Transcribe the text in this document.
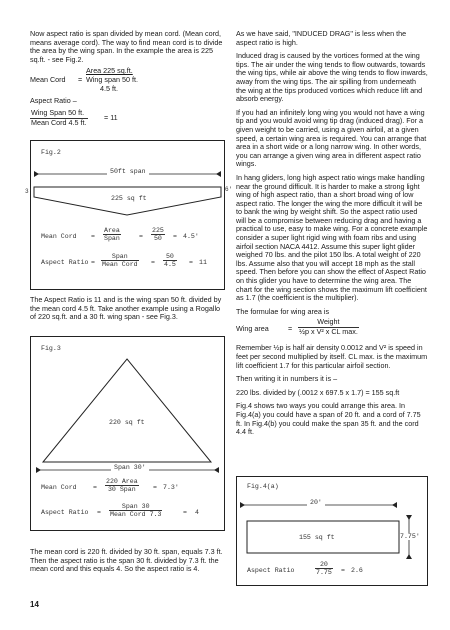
Now aspect ratio is span divided by mean cord. (Mean cord, means average cord). The way to find mean cord is to divide the area by the wing span. In the example the area is 225 sq.ft. - see Fig.2.

Area 225 sq.ft.
Mean Cord = Wing span 50 ft.
4.5 ft.
Aspect Ratio –
Wing Span 50 ft.
Mean Cord 4.5 ft.
= 11
Fig.2
50ft span
225 sq ft
3'
Mean Cord =
Area
Span	= $\frac{225}{50} = 4.5'$
Aspect Ratio =
Span
Mean Cord = $\frac{50}{4.5} = 11$

The Aspect Ratio is 11 and is the wing span 50 ft. divided by the mean cord 4.5 ft. Take another example using a Rogallo of 220 sq.ft. and a 30 ft. wing span - see Fig.3.

Fig.3
220 sq ft
Span 30'
Mean Cord =
220 Area
30 Span	= 7.3'
Aspect Ratio =
Span 30
Mean Cord 7.3	= 4

The mean cord is 220 ft. divided by 30 ft. span, equals 7.3 ft. Then the aspect ratio is the span 30 ft. divided by 7.3 ft. the mean cord and this equals 4. So the aspect ratio is 4.

As we have said, "INDUCED DRAG" is less when the aspect ratio is high.

Induced drag is caused by the vortices formed at the wing tips. The air under the wing tends to flow outwards, towards the wing tips, while air above the wing tends to flow inwards, away from the wing tips. The air spilling from underneath the wing at the tips produced vortices which reduce lift and absorb energy.

If you had an infinitely long wing you would not have a wing tip and you would avoid wing tip drag (induced drag). For a given weight to be carried, using a given airfoil, at a given speed, a certain wing area is required. You can arrange that area in a short wide or a long narrow wing. In other words, you can arrange a given wing area in different aspect ratio wings.

In hang gliders, long high aspect ratio wings make handling near the ground difficult. It is harder to make a strong light wing of high aspect ratio, than a short broad wing of low aspect ratio. The longer the wing the more difficult it will be to bank the wing by weight shift. So the aspect ratio used will be a compromise between reducing drag and having a practical to use, easy to make wing. For a concrete example consider a super light rigid wing with foam ribs and using airfoil section NACA 4412. Assume this super light glider weighed 70 lbs. and the pilot 150 lbs. A total weight of 220 lbs. Assume also that you will accept 18 mph as the stall speed. Then before you can show the effect of Aspect Ratio on this glider you have to determine the wing area. The chart for the wing section shows the maximum lift coefficient as 1.7 (the coefficient is the multiplier).

The formulae for wing area is

Wing area	=
Weight
½p x V² x CL max.

Remember ½p is half air density 0.0012 and V² is speed in feet per second multiplied by itself. CL max. is the maximum lift coefficient 1.7 for this particular airfoil section.

Then writing it in numbers it is –

220 lbs. divided by (.0012 x 697.5 x 1.7) = 155 sq.ft

Fig.4 shows two ways you could arrange this area. In Fig.4(a) you could have a span of 20 ft. and a cord of 7.75 ft. In Fig.4(b) you could make the span 35 ft. and the cord 4.4 ft.

6'
Fig.4(a)
20'
155 sq ft	7.75'
Aspect Ratio	$\frac{20}{7.75} = 2.6$
14
